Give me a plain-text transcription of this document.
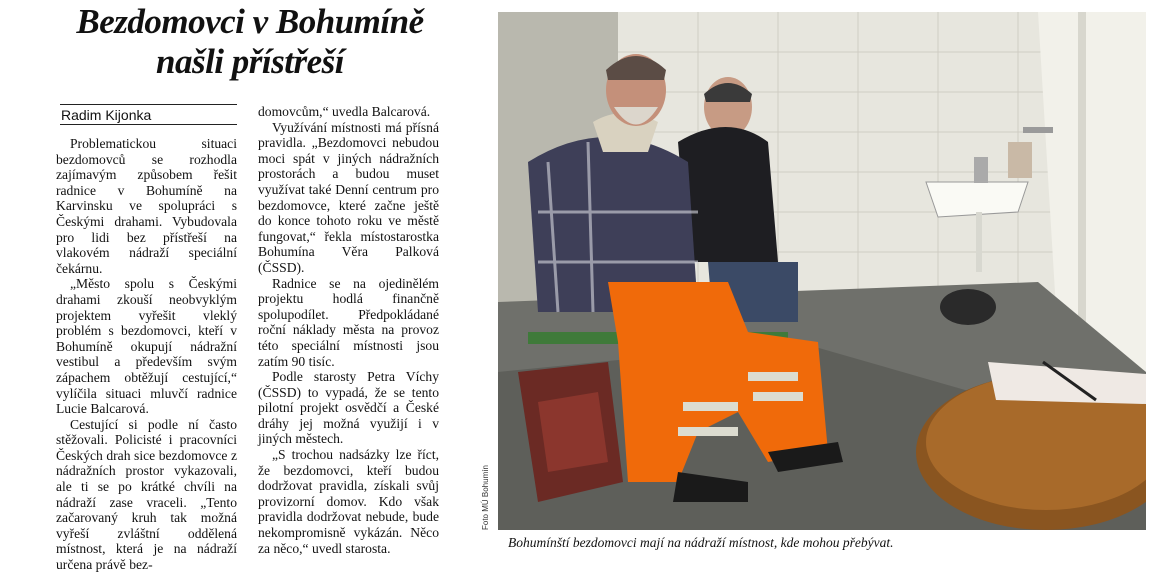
Bezdomovci v Bohumíně
našli přístřeší
Radim Kijonka

Problematickou situaci bezdomovců se rozhodla zajímavým způsobem řešit radnice v Bohumíně na Karvinsku ve spolupráci s Českými drahami. Vybudovala pro lidi bez přístřeší na vlakovém nádraží speciální čekárnu.

„Město spolu s Českými drahami zkouší neobvyklým projektem vyřešit vleklý problém s bezdomovci, kteří v Bohumíně okupují nádražní vestibul a především svým zápachem obtěžují cestující,“ vylíčila situaci mluvčí radnice Lucie Balcarová.

Cestující si podle ní často stěžovali. Policisté i pracovníci Českých drah sice bezdomovce z nádražních prostor vykazovali, ale ti se po krátké chvíli na nádraží zase vraceli. „Tento začarovaný kruh tak možná vyřeší zvláštní oddělená místnost, která je na nádraží určena právě bez-

domovcům,“ uvedla Balcarová.

Využívání místnosti má přísná pravidla. „Bezdomovci nebudou moci spát v jiných nádražních prostorách a budou muset využívat také Denní centrum pro bezdomovce, které začne ještě do konce tohoto roku ve městě fungovat,“ řekla místostarostka Bohumína Věra Palková (ČSSD).

Radnice se na ojedinělém projektu hodlá finančně spolupodílet. Předpokládané roční náklady města na provoz této speciální místnosti jsou zatím 90 tisíc.

Podle starosty Petra Víchy (ČSSD) to vypadá, že se tento pilotní projekt osvědčí a České dráhy jej možná využijí i v jiných městech.

„S trochou nadsázky lze říct, že bezdomovci, kteří budou dodržovat pravidla, získali svůj provizorní domov. Kdo však pravidla dodržovat nebude, bude nekompromisně vykázán. Něco za něco,“ uvedl starosta.

Foto MÚ Bohumín
Bohumínští bezdomovci mají na nádraží místnost, kde mohou přebývat.
